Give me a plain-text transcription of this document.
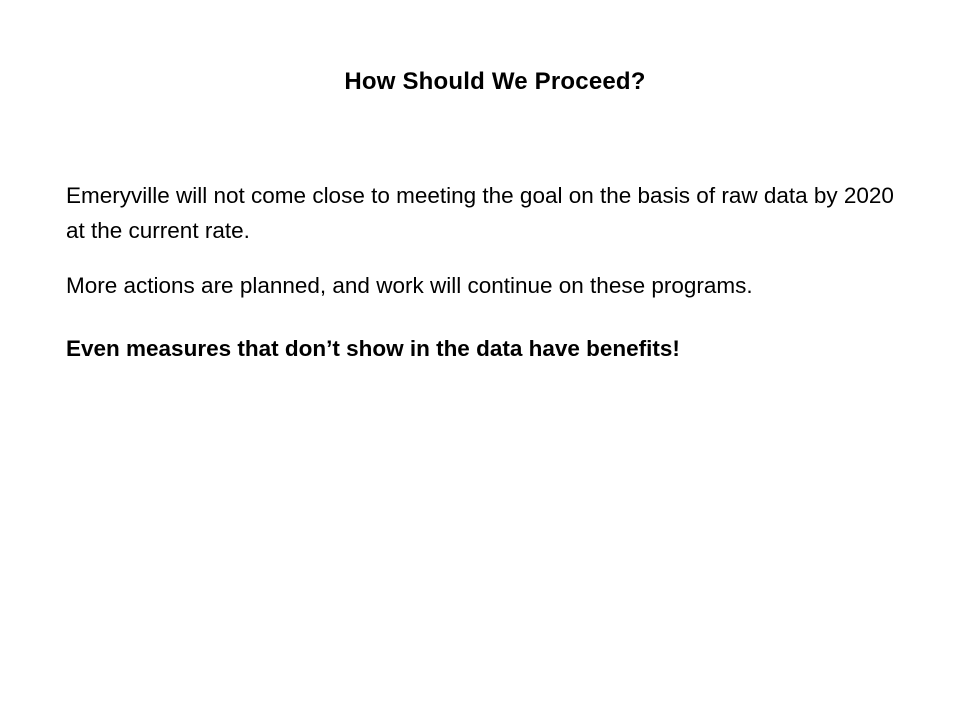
How Should We Proceed?

Emeryville will not come close to meeting the goal on the basis of raw data by 2020 at the current rate.

More actions are planned, and work will continue on these programs.

Even measures that don’t show in the data have benefits!
